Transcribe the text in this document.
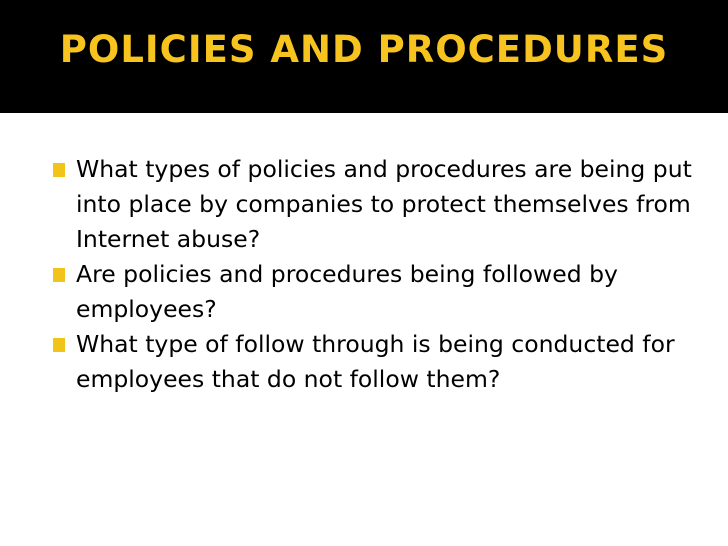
POLICIES AND PROCEDURES
What types of policies and procedures are being put into place by companies to protect themselves from Internet abuse?
Are policies and procedures being followed by employees?
What type of follow through is being conducted for employees that do not follow them?
